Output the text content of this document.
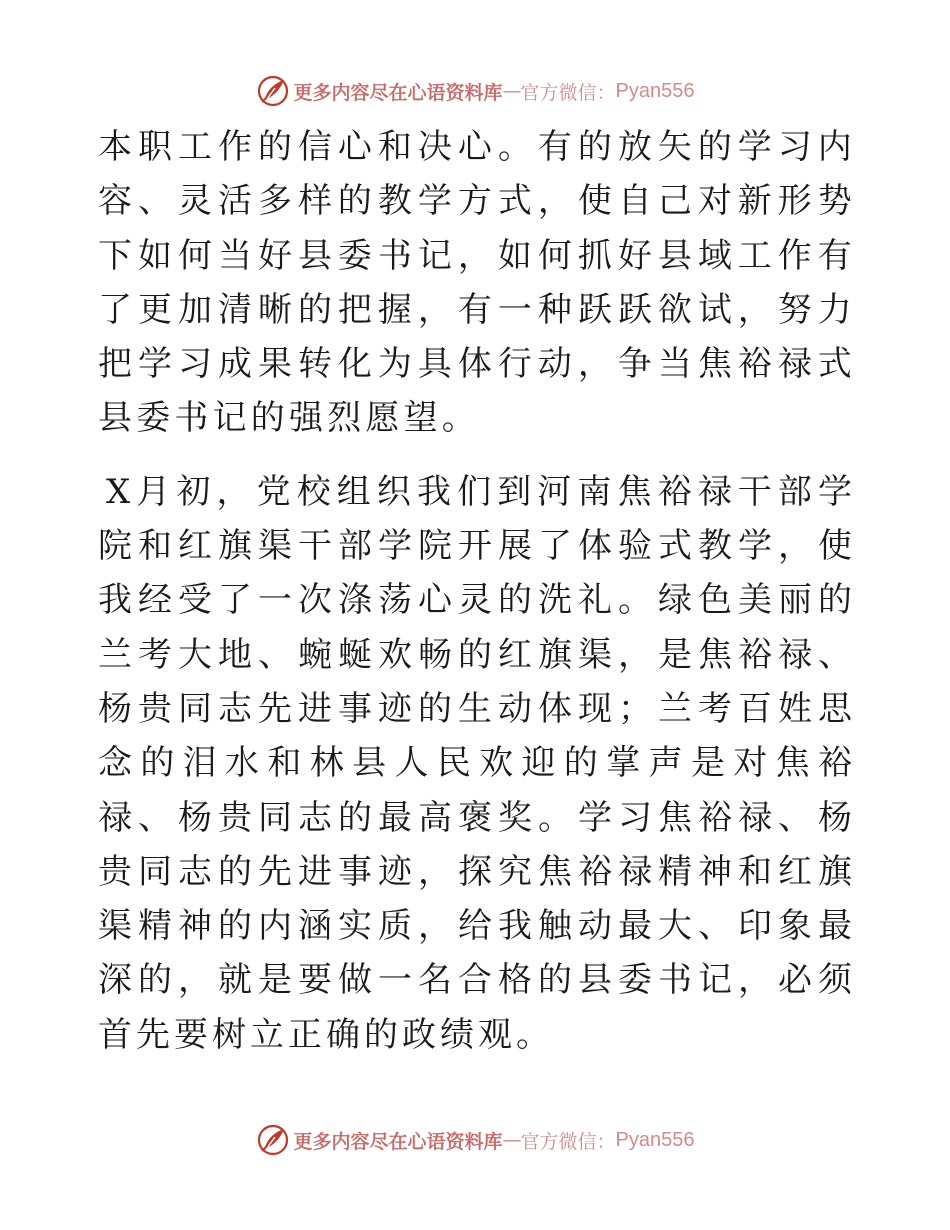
更多内容尽在心语资料库 — 官方微信： Pyan556

本职工作的信心和决心。有的放矢的学习内容、灵活多样的教学方式，使自己对新形势下如何当好县委书记，如何抓好县域工作有了更加清晰的把握，有一种跃跃欲试，努力把学习成果转化为具体行动，争当焦裕禄式县委书记的强烈愿望。

X月初，党校组织我们到河南焦裕禄干部学院和红旗渠干部学院开展了体验式教学，使我经受了一次涤荡心灵的洗礼。绿色美丽的兰考大地、蜿蜒欢畅的红旗渠，是焦裕禄、杨贵同志先进事迹的生动体现；兰考百姓思念的泪水和林县人民欢迎的掌声是对焦裕禄、杨贵同志的最高褒奖。学习焦裕禄、杨贵同志的先进事迹，探究焦裕禄精神和红旗渠精神的内涵实质，给我触动最大、印象最深的，就是要做一名合格的县委书记，必须首先要树立正确的政绩观。

更多内容尽在心语资料库 — 官方微信： Pyan556
